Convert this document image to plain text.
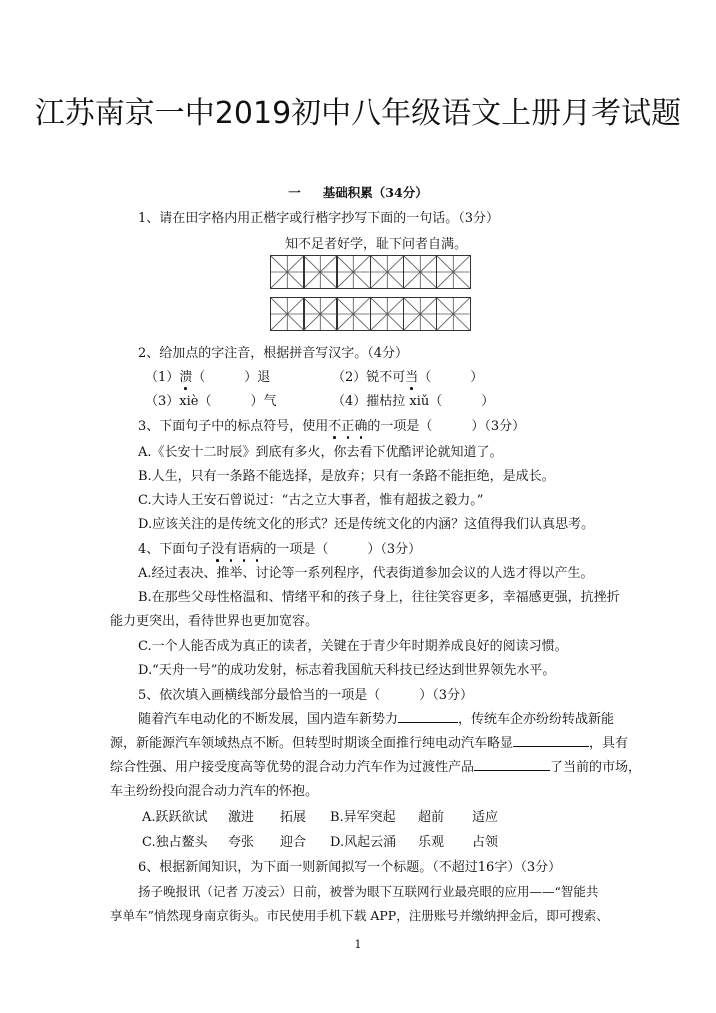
江苏南京一中2019初中八年级语文上册月考试题
一 基础积累（34分）
1、请在田字格内用正楷字或行楷字抄写下面的一句话。（3分）
知不足者好学，耻下问者自满。
2、给加点的字注音，根据拼音写汉字。（4分）
（1）溃（　　　）退	（2）锐不可当（　　　）
（3）xiè（　　　）气	（4）摧枯拉 xiǔ（　　　）
3、下面句子中的标点符号，使用不正确的一项是（　　　）（3分）
A.《长安十二时辰》到底有多火，你去看下优酷评论就知道了。
B.人生，只有一条路不能选择，是放弃；只有一条路不能拒绝，是成长。
C.大诗人王安石曾说过：“古之立大事者，惟有超拔之毅力。”
D.应该关注的是传统文化的形式？还是传统文化的内涵？这值得我们认真思考。
4、下面句子没有语病的一项是（　　　）（3分）
A.经过表决、推举、讨论等一系列程序，代表街道参加会议的人选才得以产生。
B.在那些父母性格温和、情绪平和的孩子身上，往往笑容更多，幸福感更强，抗挫折
能力更突出，看待世界也更加宽容。
C.一个人能否成为真正的读者，关键在于青少年时期养成良好的阅读习惯。
D.“天舟一号”的成功发射，标志着我国航天科技已经达到世界领先水平。
5、依次填入画横线部分最恰当的一项是（　　　）（3分）
随着汽车电动化的不断发展，国内造车新势力	，传统车企亦纷纷转战新能
源，新能源汽车领域热点不断。但转型时期谈全面推行纯电动汽车略显	，具有
综合性强、用户接受度高等优势的混合动力汽车作为过渡性产品	了当前的市场，
车主纷纷投向混合动力汽车的怀抱。
A.跃跃欲试 激进 拓展 B.异军突起 超前 适应
C.独占鳌头 夸张 迎合 D.风起云涌 乐观 占领
6、根据新闻知识，为下面一则新闻拟写一个标题。（不超过16字）（3分）
扬子晚报讯（记者 万凌云）日前，被誉为眼下互联网行业最亮眼的应用——“智能共
享单车”悄然现身南京街头。市民使用手机下载 APP，注册账号并缴纳押金后，即可搜索、
1
